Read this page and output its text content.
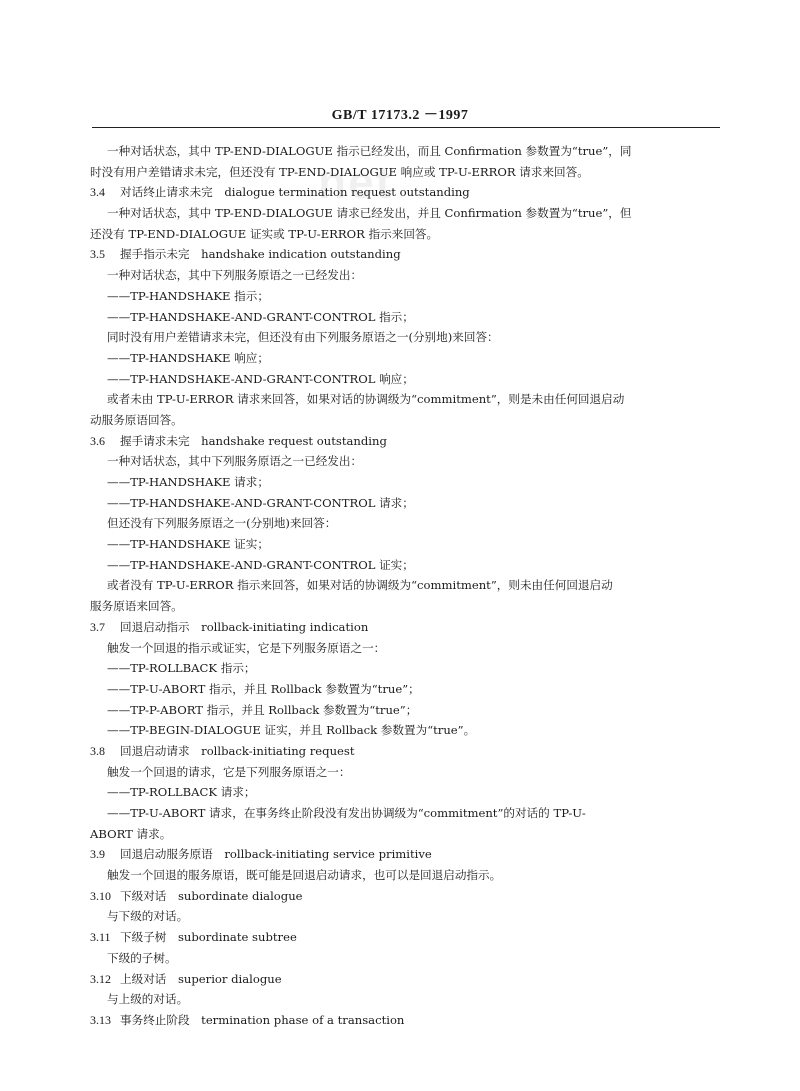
GB/T 17173.2 －1997
net
一种对话状态，其中 TP-END-DIALOGUE 指示已经发出，而且 Confirmation 参数置为“true”，同
时没有用户差错请求未完，但还没有 TP-END-DIALOGUE 响应或 TP-U-ERROR 请求来回答。
3.4 对话终止请求未完　dialogue termination request outstanding
一种对话状态，其中 TP-END-DIALOGUE 请求已经发出，并且 Confirmation 参数置为“true”，但
还没有 TP-END-DIALOGUE 证实或 TP-U-ERROR 指示来回答。
3.5 握手指示未完　handshake indication outstanding
一种对话状态，其中下列服务原语之一已经发出：
——TP-HANDSHAKE 指示；
——TP-HANDSHAKE-AND-GRANT-CONTROL 指示；
同时没有用户差错请求未完，但还没有由下列服务原语之一(分别地)来回答：
——TP-HANDSHAKE 响应；
——TP-HANDSHAKE-AND-GRANT-CONTROL 响应；
或者未由 TP-U-ERROR 请求来回答，如果对话的协调级为“commitment”，则是未由任何回退启动
动服务原语回答。
3.6 握手请求未完　handshake request outstanding
一种对话状态，其中下列服务原语之一已经发出：
——TP-HANDSHAKE 请求；
——TP-HANDSHAKE-AND-GRANT-CONTROL 请求；
但还没有下列服务原语之一(分别地)来回答：
——TP-HANDSHAKE 证实；
——TP-HANDSHAKE-AND-GRANT-CONTROL 证实；
或者没有 TP-U-ERROR 指示来回答，如果对话的协调级为“commitment”，则未由任何回退启动
服务原语来回答。
3.7 回退启动指示　rollback-initiating indication
触发一个回退的指示或证实，它是下列服务原语之一：
——TP-ROLLBACK 指示；
——TP-U-ABORT 指示，并且 Rollback 参数置为“true”；
——TP-P-ABORT 指示，并且 Rollback 参数置为“true”；
——TP-BEGIN-DIALOGUE 证实，并且 Rollback 参数置为“true”。
3.8 回退启动请求　rollback-initiating request
触发一个回退的请求，它是下列服务原语之一：
——TP-ROLLBACK 请求；
——TP-U-ABORT 请求，在事务终止阶段没有发出协调级为“commitment”的对话的 TP-U-
ABORT 请求。
3.9 回退启动服务原语　rollback-initiating service primitive
触发一个回退的服务原语，既可能是回退启动请求，也可以是回退启动指示。
3.10 下级对话　subordinate dialogue
与下级的对话。
3.11 下级子树　subordinate subtree
下级的子树。
3.12 上级对话　superior dialogue
与上级的对话。
3.13 事务终止阶段　termination phase of a transaction
